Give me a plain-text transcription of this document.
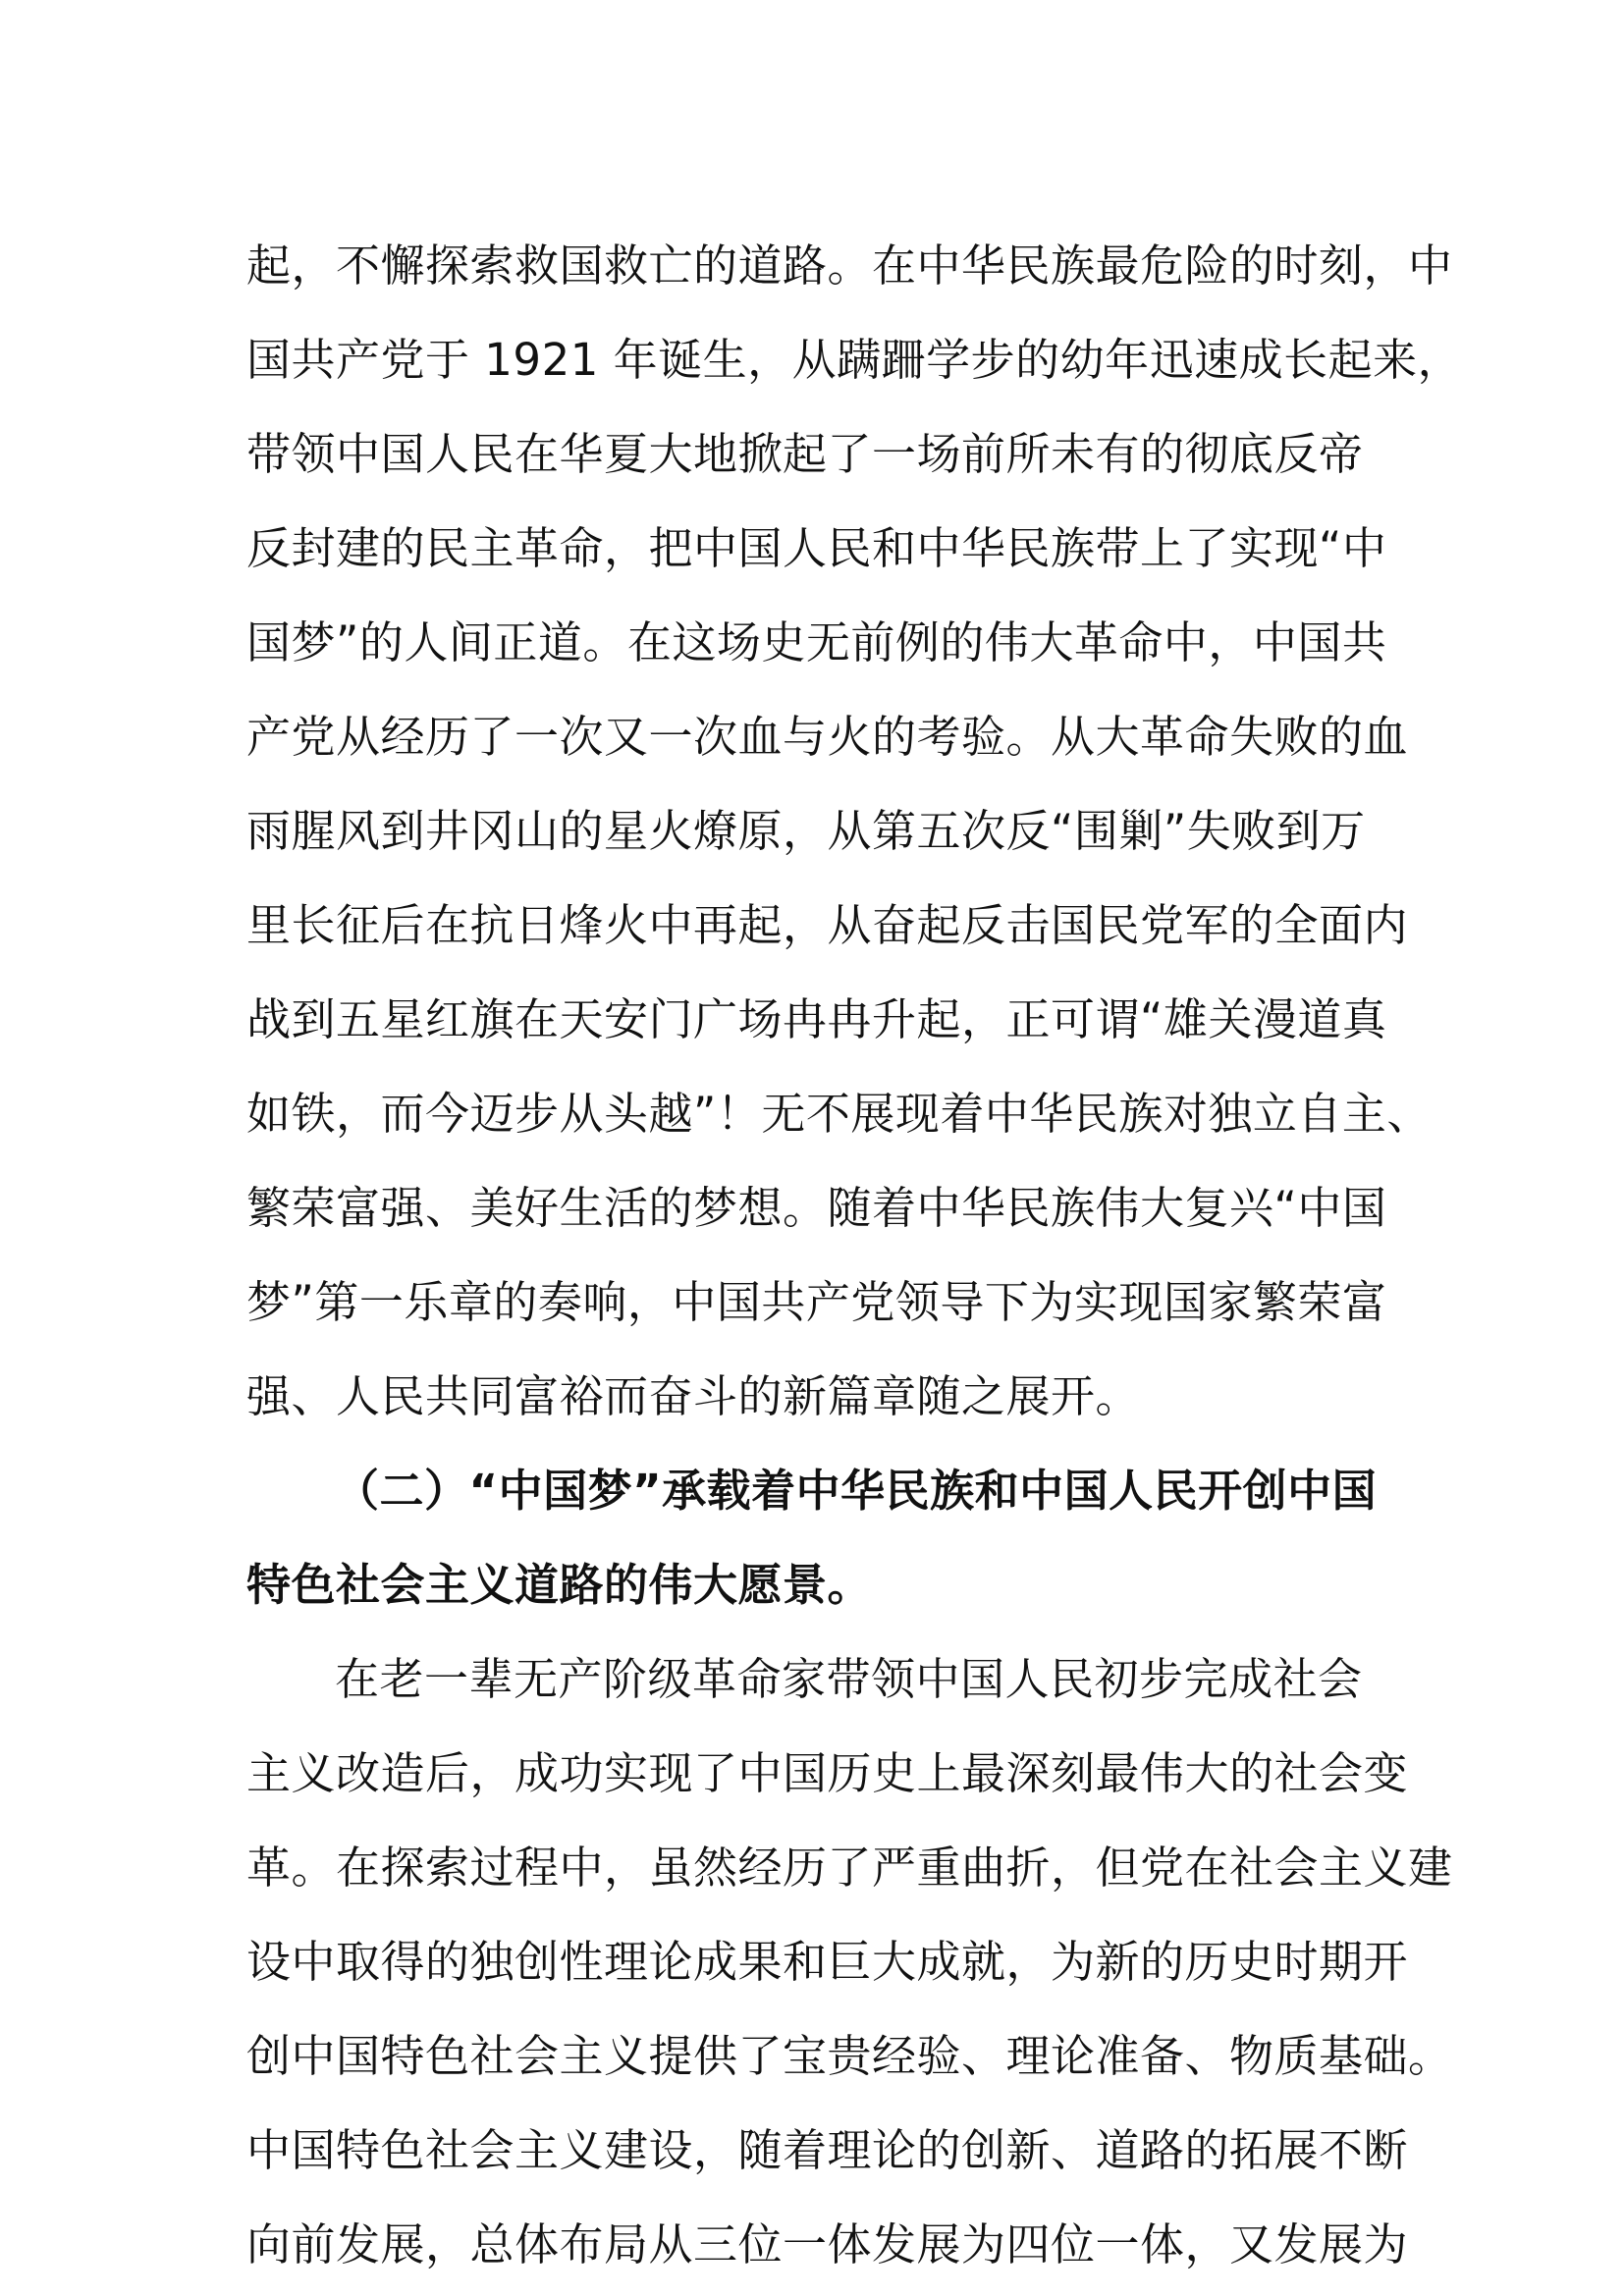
起，不懈探索救国救亡的道路。在中华民族最危险的时刻，中
国共产党于 1921 年诞生，从蹒跚学步的幼年迅速成长起来，
带领中国人民在华夏大地掀起了一场前所未有的彻底反帝
反封建的民主革命，把中国人民和中华民族带上了实现“中
国梦”的人间正道。在这场史无前例的伟大革命中，中国共
产党从经历了一次又一次血与火的考验。从大革命失败的血
雨腥风到井冈山的星火燎原，从第五次反“围剿”失败到万
里长征后在抗日烽火中再起，从奋起反击国民党军的全面内
战到五星红旗在天安门广场冉冉升起，正可谓“雄关漫道真
如铁，而今迈步从头越”！无不展现着中华民族对独立自主、
繁荣富强、美好生活的梦想。随着中华民族伟大复兴“中国
梦”第一乐章的奏响，中国共产党领导下为实现国家繁荣富
强、人民共同富裕而奋斗的新篇章随之展开。
（二）“中国梦”承载着中华民族和中国人民开创中国
特色社会主义道路的伟大愿景。
在老一辈无产阶级革命家带领中国人民初步完成社会
主义改造后，成功实现了中国历史上最深刻最伟大的社会变
革。在探索过程中，虽然经历了严重曲折，但党在社会主义建
设中取得的独创性理论成果和巨大成就，为新的历史时期开
创中国特色社会主义提供了宝贵经验、理论准备、物质基础。
中国特色社会主义建设，随着理论的创新、道路的拓展不断
向前发展，总体布局从三位一体发展为四位一体，又发展为
